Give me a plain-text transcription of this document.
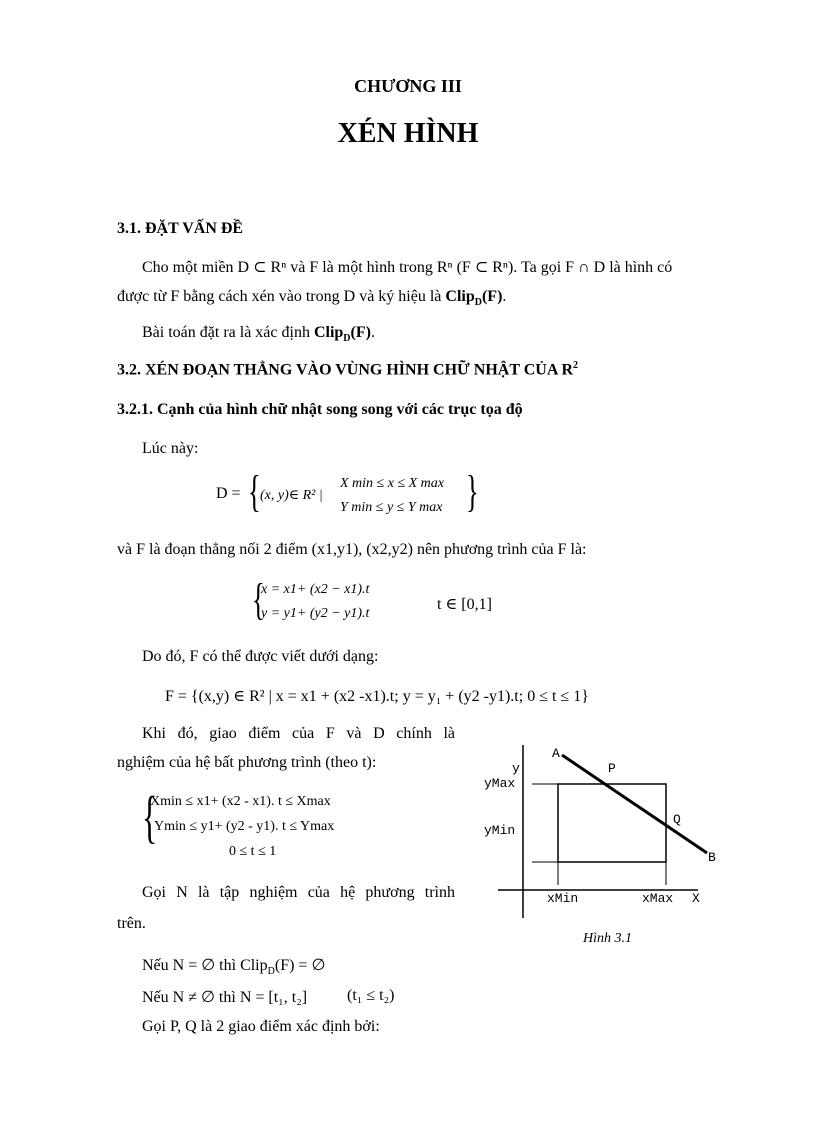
CHƯƠNG III
XÉN HÌNH
3.1. ĐẶT VẤN ĐỀ
Cho một miền D ⊂ Rⁿ và F là một hình trong Rⁿ (F ⊂ Rⁿ). Ta gọi F ∩ D là hình có
được từ F bằng cách xén vào trong D và ký hiệu là Clip$_D$(F).
Bài toán đặt ra là xác định Clip$_D$(F).
3.2. XÉN ĐOẠN THẲNG VÀO VÙNG HÌNH CHỮ NHẬT CỦA $R^2$
3.2.1. Cạnh của hình chữ nhật song song với các trục tọa độ
Lúc này:
D = { (x, y)∈ R² |
X min ≤ x ≤ X max
Y min ≤ y ≤ Y max }
và F là đoạn thẳng nối 2 điểm (x1,y1), (x2,y2) nên phương trình của F là:
{
x = x1+ (x2 − x1).t
y = y1+ (y2 − y1).t
t ∈ [0,1]
Do đó, F có thể được viết dưới dạng:
F = {(x,y) ∈ R² | x = x1 + (x2 -x1).t; y = y₁ + (y2 -y1).t; 0 ≤ t ≤ 1}
Khi đó, giao điểm của F và D chính là
nghiệm của hệ bất phương trình (theo t):
{
Xmin ≤ x1+ (x2 - x1). t ≤ Xmax
Ymin ≤ y1+ (y2 - y1). t ≤ Ymax
0 ≤ t ≤ 1
Gọi N là tập nghiệm của hệ phương trình
trên.
Nếu N = ∅ thì Clip$_D$(F) = ∅
Nếu N ≠ ∅ thì N = [t₁, t₂] (t₁ ≤ t₂)
Gọi P, Q là 2 giao điểm xác định bởi:
A
B
P
Q
y
X
yMax
yMin
xMin	xMax
Hình 3.1
